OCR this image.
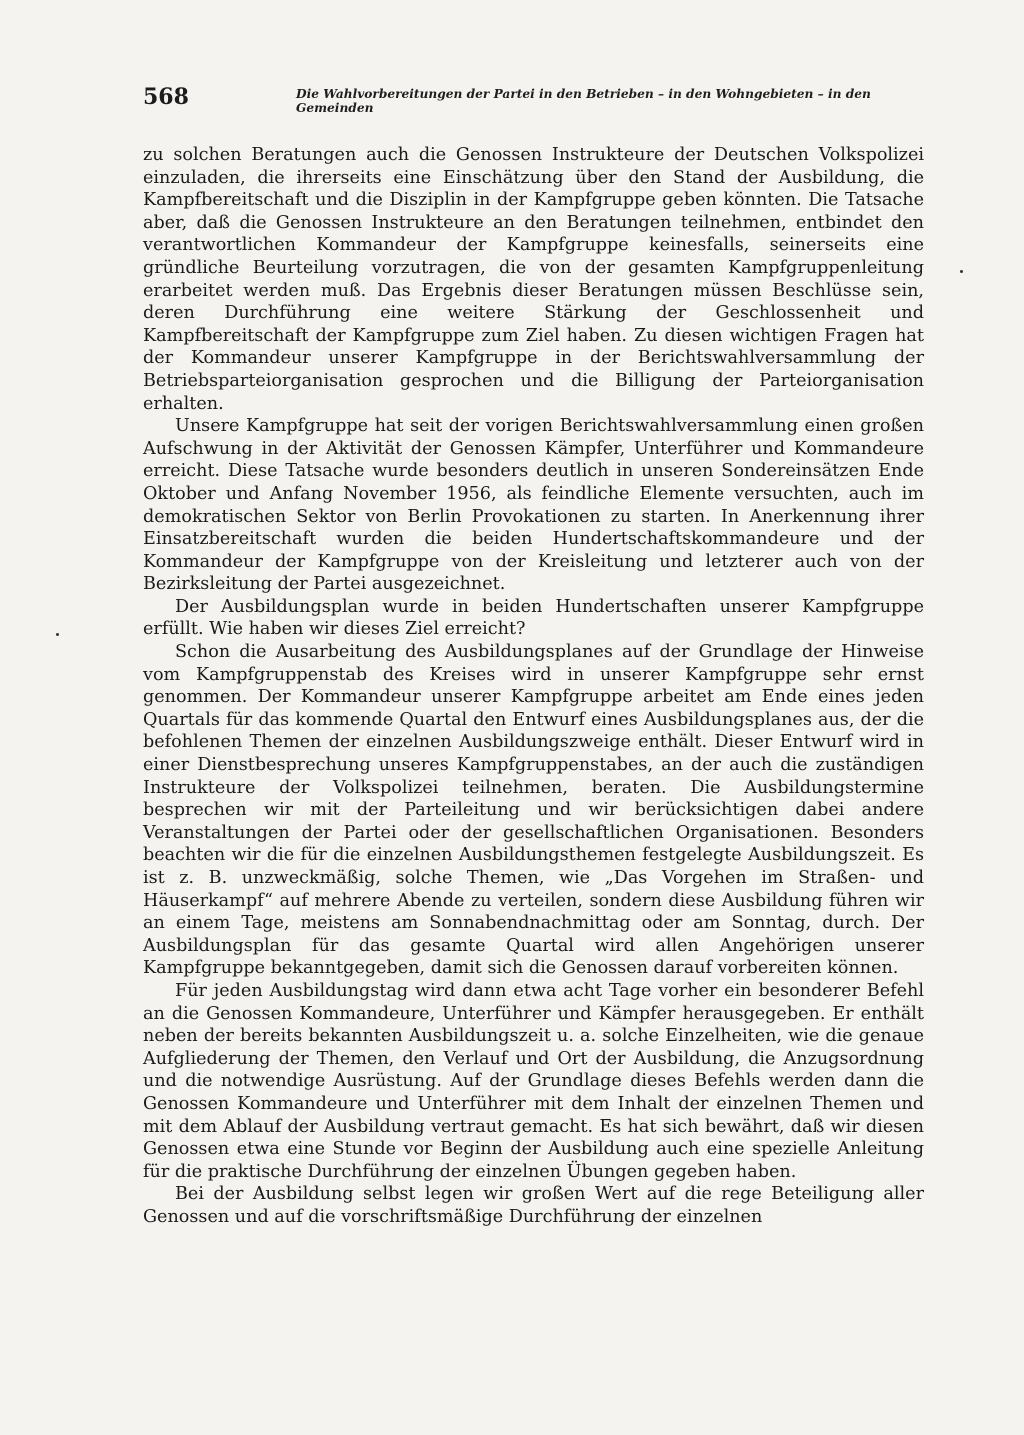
568	Die Wahlvorbereitungen der Partei in den Betrieben – in den Wohngebieten – in den Gemeinden

zu solchen Beratungen auch die Genossen Instrukteure der Deutschen Volkspolizei einzuladen, die ihrerseits eine Einschätzung über den Stand der Ausbildung, die Kampfbereitschaft und die Disziplin in der Kampfgruppe geben könnten. Die Tatsache aber, daß die Genossen Instrukteure an den Beratungen teilnehmen, entbindet den verantwortlichen Kommandeur der Kampfgruppe keinesfalls, seinerseits eine gründliche Beurteilung vorzutragen, die von der gesamten Kampfgruppenleitung erarbeitet werden muß. Das Ergebnis dieser Beratungen müssen Beschlüsse sein, deren Durchführung eine weitere Stärkung der Geschlossenheit und Kampfbereitschaft der Kampfgruppe zum Ziel haben. Zu diesen wichtigen Fragen hat der Kommandeur unserer Kampfgruppe in der Berichtswahlversammlung der Betriebsparteiorganisation gesprochen und die Billigung der Parteiorganisation erhalten.

Unsere Kampfgruppe hat seit der vorigen Berichtswahlversammlung einen großen Aufschwung in der Aktivität der Genossen Kämpfer, Unterführer und Kommandeure erreicht. Diese Tatsache wurde besonders deutlich in unseren Sondereinsätzen Ende Oktober und Anfang November 1956, als feindliche Elemente versuchten, auch im demokratischen Sektor von Berlin Provokationen zu starten. In Anerkennung ihrer Einsatzbereitschaft wurden die beiden Hundertschaftskommandeure und der Kommandeur der Kampfgruppe von der Kreisleitung und letzterer auch von der Bezirksleitung der Partei ausgezeichnet.

Der Ausbildungsplan wurde in beiden Hundertschaften unserer Kampfgruppe erfüllt. Wie haben wir dieses Ziel erreicht?

Schon die Ausarbeitung des Ausbildungsplanes auf der Grundlage der Hinweise vom Kampfgruppenstab des Kreises wird in unserer Kampfgruppe sehr ernst genommen. Der Kommandeur unserer Kampfgruppe arbeitet am Ende eines jeden Quartals für das kommende Quartal den Entwurf eines Ausbildungsplanes aus, der die befohlenen Themen der einzelnen Ausbildungszweige enthält. Dieser Entwurf wird in einer Dienstbesprechung unseres Kampfgruppenstabes, an der auch die zuständigen Instrukteure der Volkspolizei teilnehmen, beraten. Die Ausbildungstermine besprechen wir mit der Parteileitung und wir berücksichtigen dabei andere Veranstaltungen der Partei oder der gesellschaftlichen Organisationen. Besonders beachten wir die für die einzelnen Ausbildungsthemen festgelegte Ausbildungszeit. Es ist z. B. unzweckmäßig, solche Themen, wie „Das Vorgehen im Straßen- und Häuserkampf“ auf mehrere Abende zu verteilen, sondern diese Ausbildung führen wir an einem Tage, meistens am Sonnabendnachmittag oder am Sonntag, durch. Der Ausbildungsplan für das gesamte Quartal wird allen Angehörigen unserer Kampfgruppe bekanntgegeben, damit sich die Genossen darauf vorbereiten können.

Für jeden Ausbildungstag wird dann etwa acht Tage vorher ein besonderer Befehl an die Genossen Kommandeure, Unterführer und Kämpfer herausgegeben. Er enthält neben der bereits bekannten Ausbildungszeit u. a. solche Einzelheiten, wie die genaue Aufgliederung der Themen, den Verlauf und Ort der Ausbildung, die Anzugsordnung und die notwendige Ausrüstung. Auf der Grundlage dieses Befehls werden dann die Genossen Kommandeure und Unterführer mit dem Inhalt der einzelnen Themen und mit dem Ablauf der Ausbildung vertraut gemacht. Es hat sich bewährt, daß wir diesen Genossen etwa eine Stunde vor Beginn der Ausbildung auch eine spezielle Anleitung für die praktische Durchführung der einzelnen Übungen gegeben haben.

Bei der Ausbildung selbst legen wir großen Wert auf die rege Beteiligung aller Genossen und auf die vorschriftsmäßige Durchführung der einzelnen
